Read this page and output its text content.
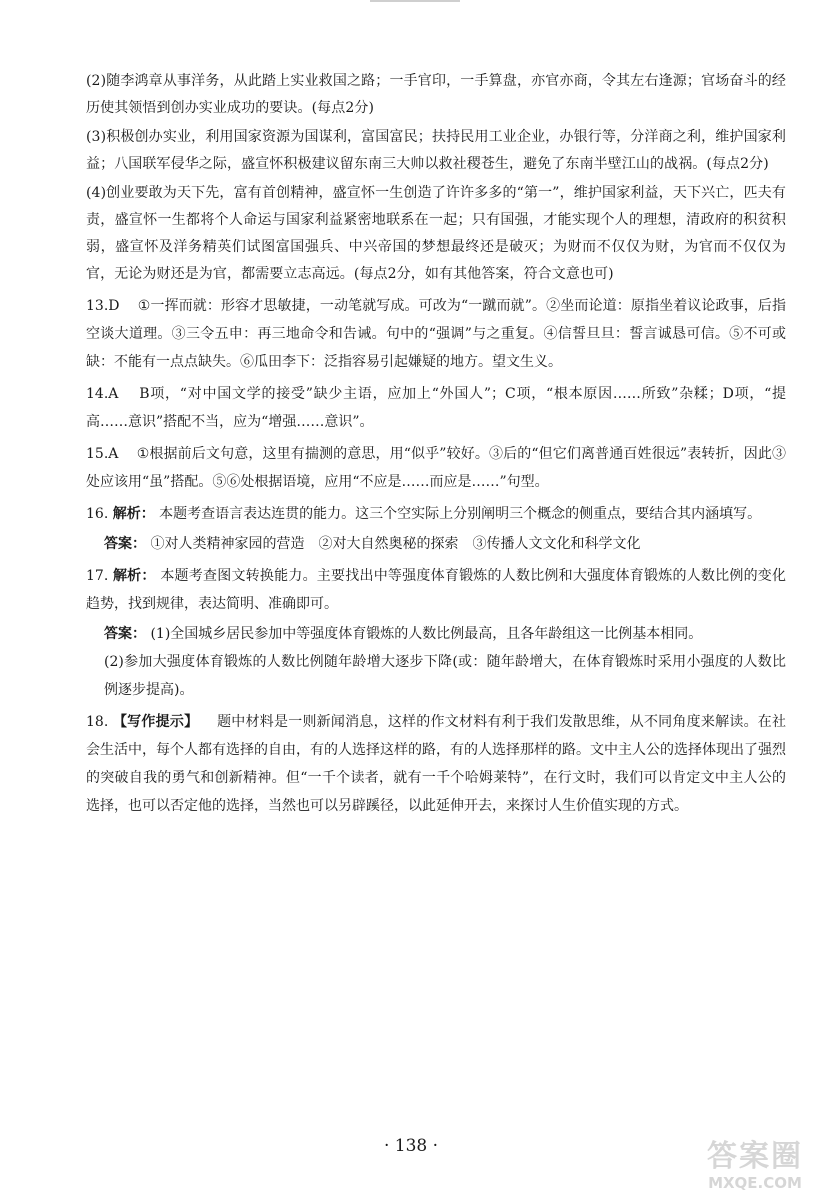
(2)随李鸿章从事洋务，从此踏上实业救国之路；一手官印，一手算盘，亦官亦商，令其左右逢源；官场奋斗的经历使其领悟到创办实业成功的要诀。(每点2分)

(3)积极创办实业，利用国家资源为国谋利，富国富民；扶持民用工业企业，办银行等，分洋商之利，维护国家利益；八国联军侵华之际，盛宣怀积极建议留东南三大帅以救社稷苍生，避免了东南半壁江山的战祸。(每点2分)

(4)创业要敢为天下先，富有首创精神，盛宣怀一生创造了许许多多的“第一”，维护国家利益，天下兴亡，匹夫有责，盛宣怀一生都将个人命运与国家利益紧密地联系在一起；只有国强，才能实现个人的理想，清政府的积贫积弱，盛宣怀及洋务精英们试图富国强兵、中兴帝国的梦想最终还是破灭；为财而不仅仅为财，为官而不仅仅为官，无论为财还是为官，都需要立志高远。(每点2分，如有其他答案，符合文意也可)

13.D ①一挥而就：形容才思敏捷，一动笔就写成。可改为“一蹴而就”。②坐而论道：原指坐着议论政事，后指空谈大道理。③三令五申：再三地命令和告诫。句中的“强调”与之重复。④信誓旦旦：誓言诚恳可信。⑤不可或缺：不能有一点点缺失。⑥瓜田李下：泛指容易引起嫌疑的地方。望文生义。
14.A B项，“对中国文学的接受”缺少主语，应加上“外国人”；C项，“根本原因……所致”杂糅；D项，“提高……意识”搭配不当，应为“增强……意识”。
15.A ①根据前后文句意，这里有揣测的意思，用“似乎”较好。③后的“但它们离普通百姓很远”表转折，因此③处应该用“虽”搭配。⑤⑥处根据语境，应用“不应是……而应是……”句型。
16. 解析： 本题考查语言表达连贯的能力。这三个空实际上分别阐明三个概念的侧重点，要结合其内涵填写。
答案： ①对人类精神家园的营造　②对大自然奥秘的探索　③传播人文文化和科学文化
17. 解析： 本题考查图文转换能力。主要找出中等强度体育锻炼的人数比例和大强度体育锻炼的人数比例的变化趋势，找到规律，表达简明、准确即可。
答案： (1)全国城乡居民参加中等强度体育锻炼的人数比例最高，且各年龄组这一比例基本相同。
(2)参加大强度体育锻炼的人数比例随年龄增大逐步下降(或：随年龄增大，在体育锻炼时采用小强度的人数比例逐步提高)。
18. 【写作提示】 题中材料是一则新闻消息，这样的作文材料有利于我们发散思维，从不同角度来解读。在社会生活中，每个人都有选择的自由，有的人选择这样的路，有的人选择那样的路。文中主人公的选择体现出了强烈的突破自我的勇气和创新精神。但“一千个读者，就有一千个哈姆莱特”，在行文时，我们可以肯定文中主人公的选择，也可以否定他的选择，当然也可以另辟蹊径，以此延伸开去，来探讨人生价值实现的方式。
· 138 ·	答案圈
MXQE.COM
